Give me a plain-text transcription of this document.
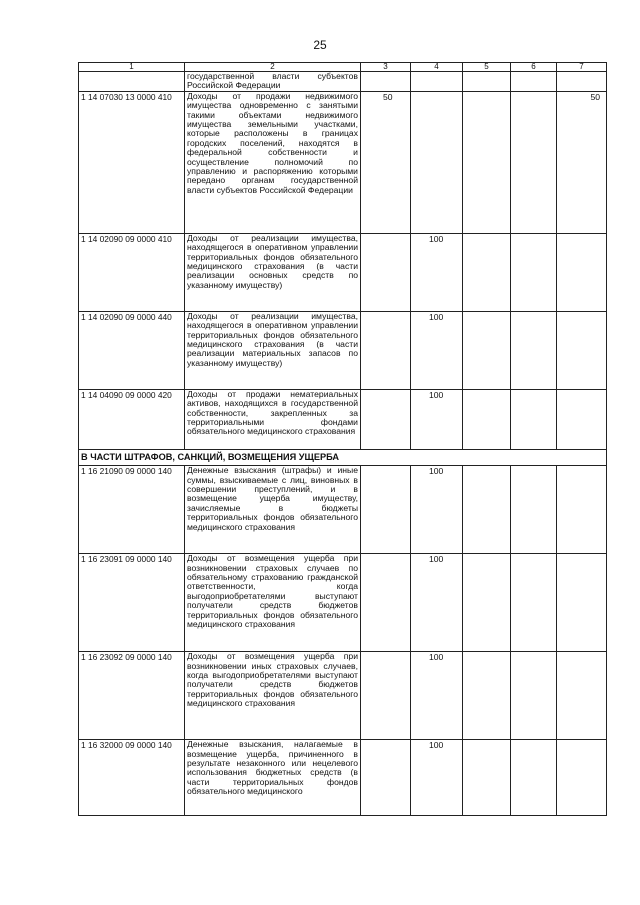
25
1	2	3	4	5	6	7
	государственной власти субъектов Российской Федерации					
1 14 07030 13 0000 410	Доходы от продажи недвижимого имущества одновременно с занятыми такими объектами недвижимого имущества земельными участками, которые расположены в границах городских поселений, находятся в федеральной собственности и осуществление полномочий по управлению и распоряжению которыми передано органам государственной власти субъектов Российской Федерации	50				50
1 14 02090 09 0000 410	Доходы от реализации имущества, находящегося в оперативном управлении территориальных фондов обязательного медицинского страхования (в части реализации основных средств по указанному имуществу)		100			
1 14 02090 09 0000 440	Доходы от реализации имущества, находящегося в оперативном управлении территориальных фондов обязательного медицинского страхования (в части реализации материальных запасов по указанному имуществу)		100			
1 14 04090 09 0000 420	Доходы от продажи нематериальных активов, находящихся в государственной собственности, закрепленных за территориальными фондами обязательного медицинского страхования		100			
В ЧАСТИ ШТРАФОВ, САНКЦИЙ, ВОЗМЕЩЕНИЯ УЩЕРБА						
1 16 21090 09 0000 140	Денежные взыскания (штрафы) и иные суммы, взыскиваемые с лиц, виновных в совершении преступлений, и в возмещение ущерба имуществу, зачисляемые в бюджеты территориальных фондов обязательного медицинского страхования		100			
1 16 23091 09 0000 140	Доходы от возмещения ущерба при возникновении страховых случаев по обязательному страхованию гражданской ответственности, когда выгодоприобретателями выступают получатели средств бюджетов территориальных фондов обязательного медицинского страхования		100			
1 16 23092 09 0000 140	Доходы от возмещения ущерба при возникновении иных страховых случаев, когда выгодоприобретателями выступают получатели средств бюджетов территориальных фондов обязательного медицинского страхования		100			
1 16 32000 09 0000 140	Денежные взыскания, налагаемые в возмещение ущерба, причиненного в результате незаконного или нецелевого использования бюджетных средств (в части территориальных фондов обязательного медицинского		100			
